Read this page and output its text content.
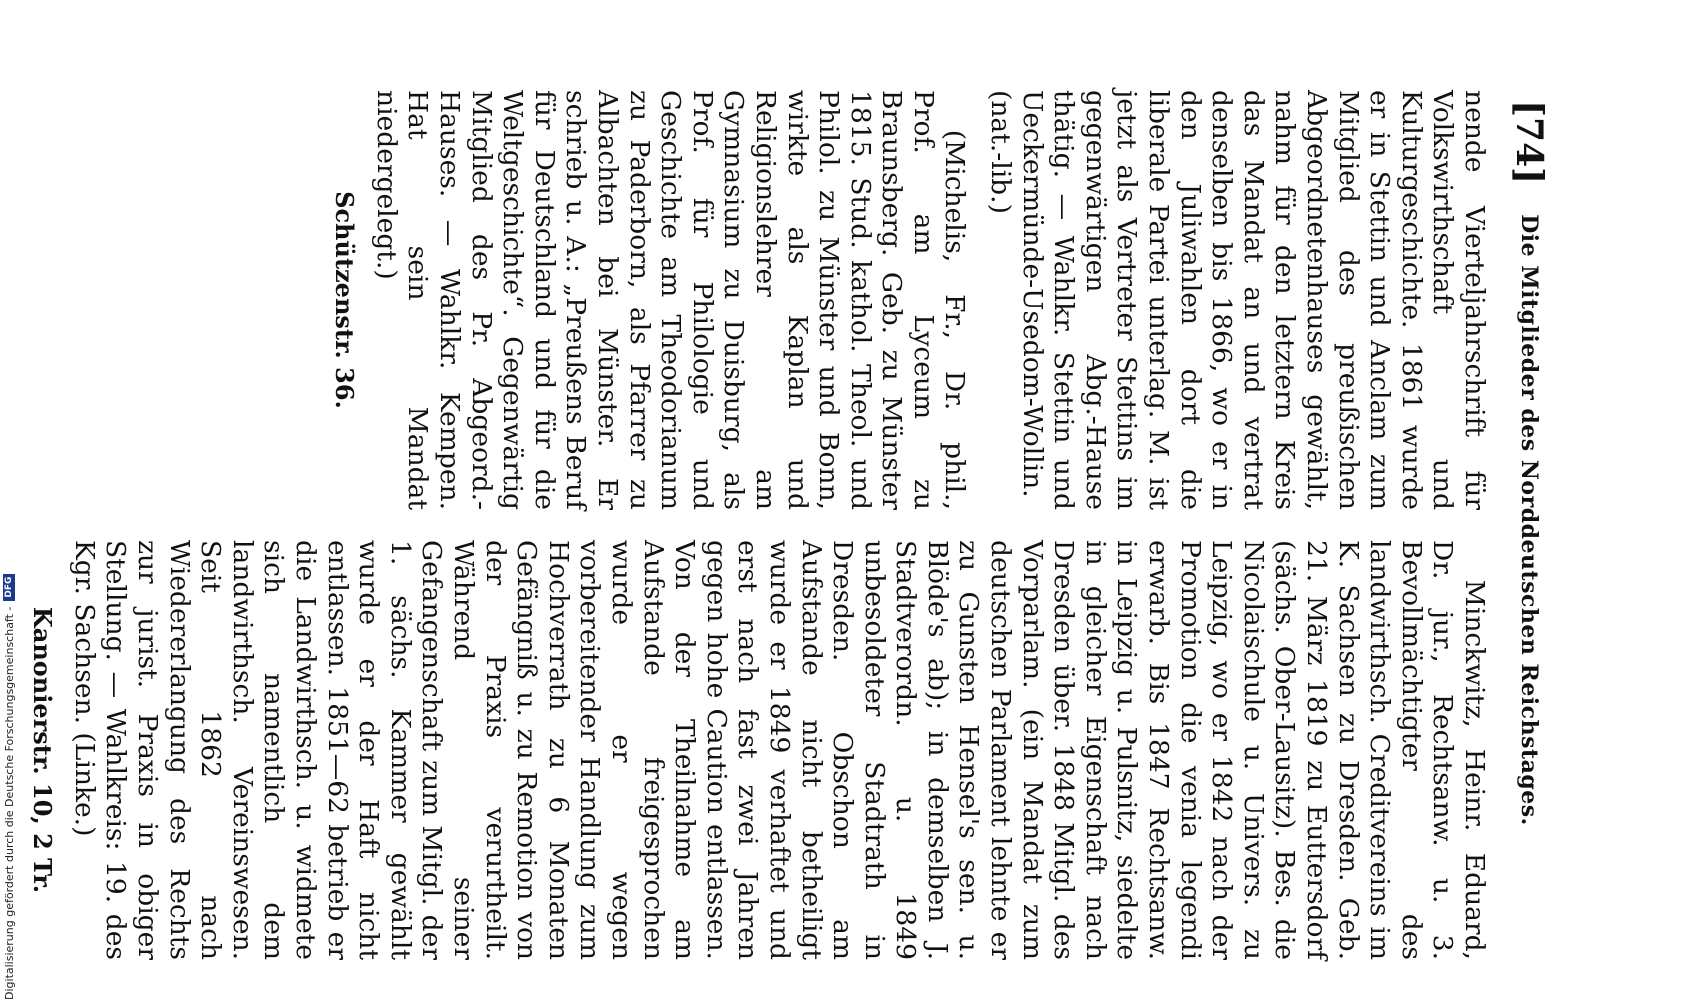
[74]
Die Mitglieder des Norddeutschen Reichstages.

nende Vierteljahrschrift für Volkswirthschaft und Kulturgeschichte. 1861 wurde er in Stettin und Anclam zum Mitglied des preußischen Abgeordnetenhauses gewählt, nahm für den letztern Kreis das Mandat an und vertrat denselben bis 1866, wo er in den Juliwahlen dort die liberale Partei unterlag. M. ist jetzt als Vertreter Stettins im gegenwärtigen Abg.-Hause thätig. — Wahlkr. Stettin und Ueckermünde-Usedom-Wollin. (nat.-lib.)

(Michelis, Fr., Dr. phil., Prof. am Lyceum zu Braunsberg. Geb. zu Münster 1815. Stud. kathol. Theol. und Philol. zu Münster und Bonn, wirkte als Kaplan und Religionslehrer am Gymnasium zu Duisburg, als Prof. für Philologie und Geschichte am Theodorianum zu Paderborn, als Pfarrer zu Albachten bei Münster. Er schrieb u. A.: „Preußens Beruf für Deutschland und für die Weltgeschichte“. Gegenwärtig Mitglied des Pr. Abgeord.-Hauses. — Wahlkr. Kempen. Hat sein Mandat niedergelegt.)

Schützenstr. 36.

Minckwitz, Heinr. Eduard, Dr. jur., Rechtsanw. u. 3. Bevollmächtigter des landwirthsch. Creditvereins im K. Sachsen zu Dresden. Geb. 21. März 1819 zu Euttersdorf (sächs. Ober-Lausitz). Bes. die Nicolaischule u. Univers. zu Leipzig, wo er 1842 nach der Promotion die venia legendi erwarb. Bis 1847 Rechtsanw. in Leipzig u. Pulsnitz, siedelte in gleicher Eigenschaft nach Dresden über. 1848 Mitgl. des Vorparlam. (ein Mandat zum deutschen Parlament lehnte er zu Gunsten Hensel's sen. u. Blöde's ab); in demselben J. Stadtverordn. u. 1849 unbesoldeter Stadtrath in Dresden. Obschon am Aufstande nicht betheiligt wurde er 1849 verhaftet und erst nach fast zwei Jahren gegen hohe Caution entlassen. Von der Theilnahme am Aufstande freigesprochen wurde er wegen vorbereitender Handlung zum Hochverrath zu 6 Monaten Gefängniß u. zu Remotion von der Praxis verurtheilt. Während seiner Gefangenschaft zum Mitgl. der 1. sächs. Kammer gewählt wurde er der Haft nicht entlassen. 1851—62 betrieb er die Landwirthsch. u. widmete sich namentlich dem landwirthsch. Vereinswesen. Seit 1862 nach Wiedererlangung des Rechts zur jurist. Praxis in obiger Stellung. — Wahlkreis: 19. des Kgr. Sachsen. (Linke.)

Kanonierstr. 10, 2 Tr.
Digitalisierung gefördert durch die Deutsche Forschungsgemeinschaft -
DFG
